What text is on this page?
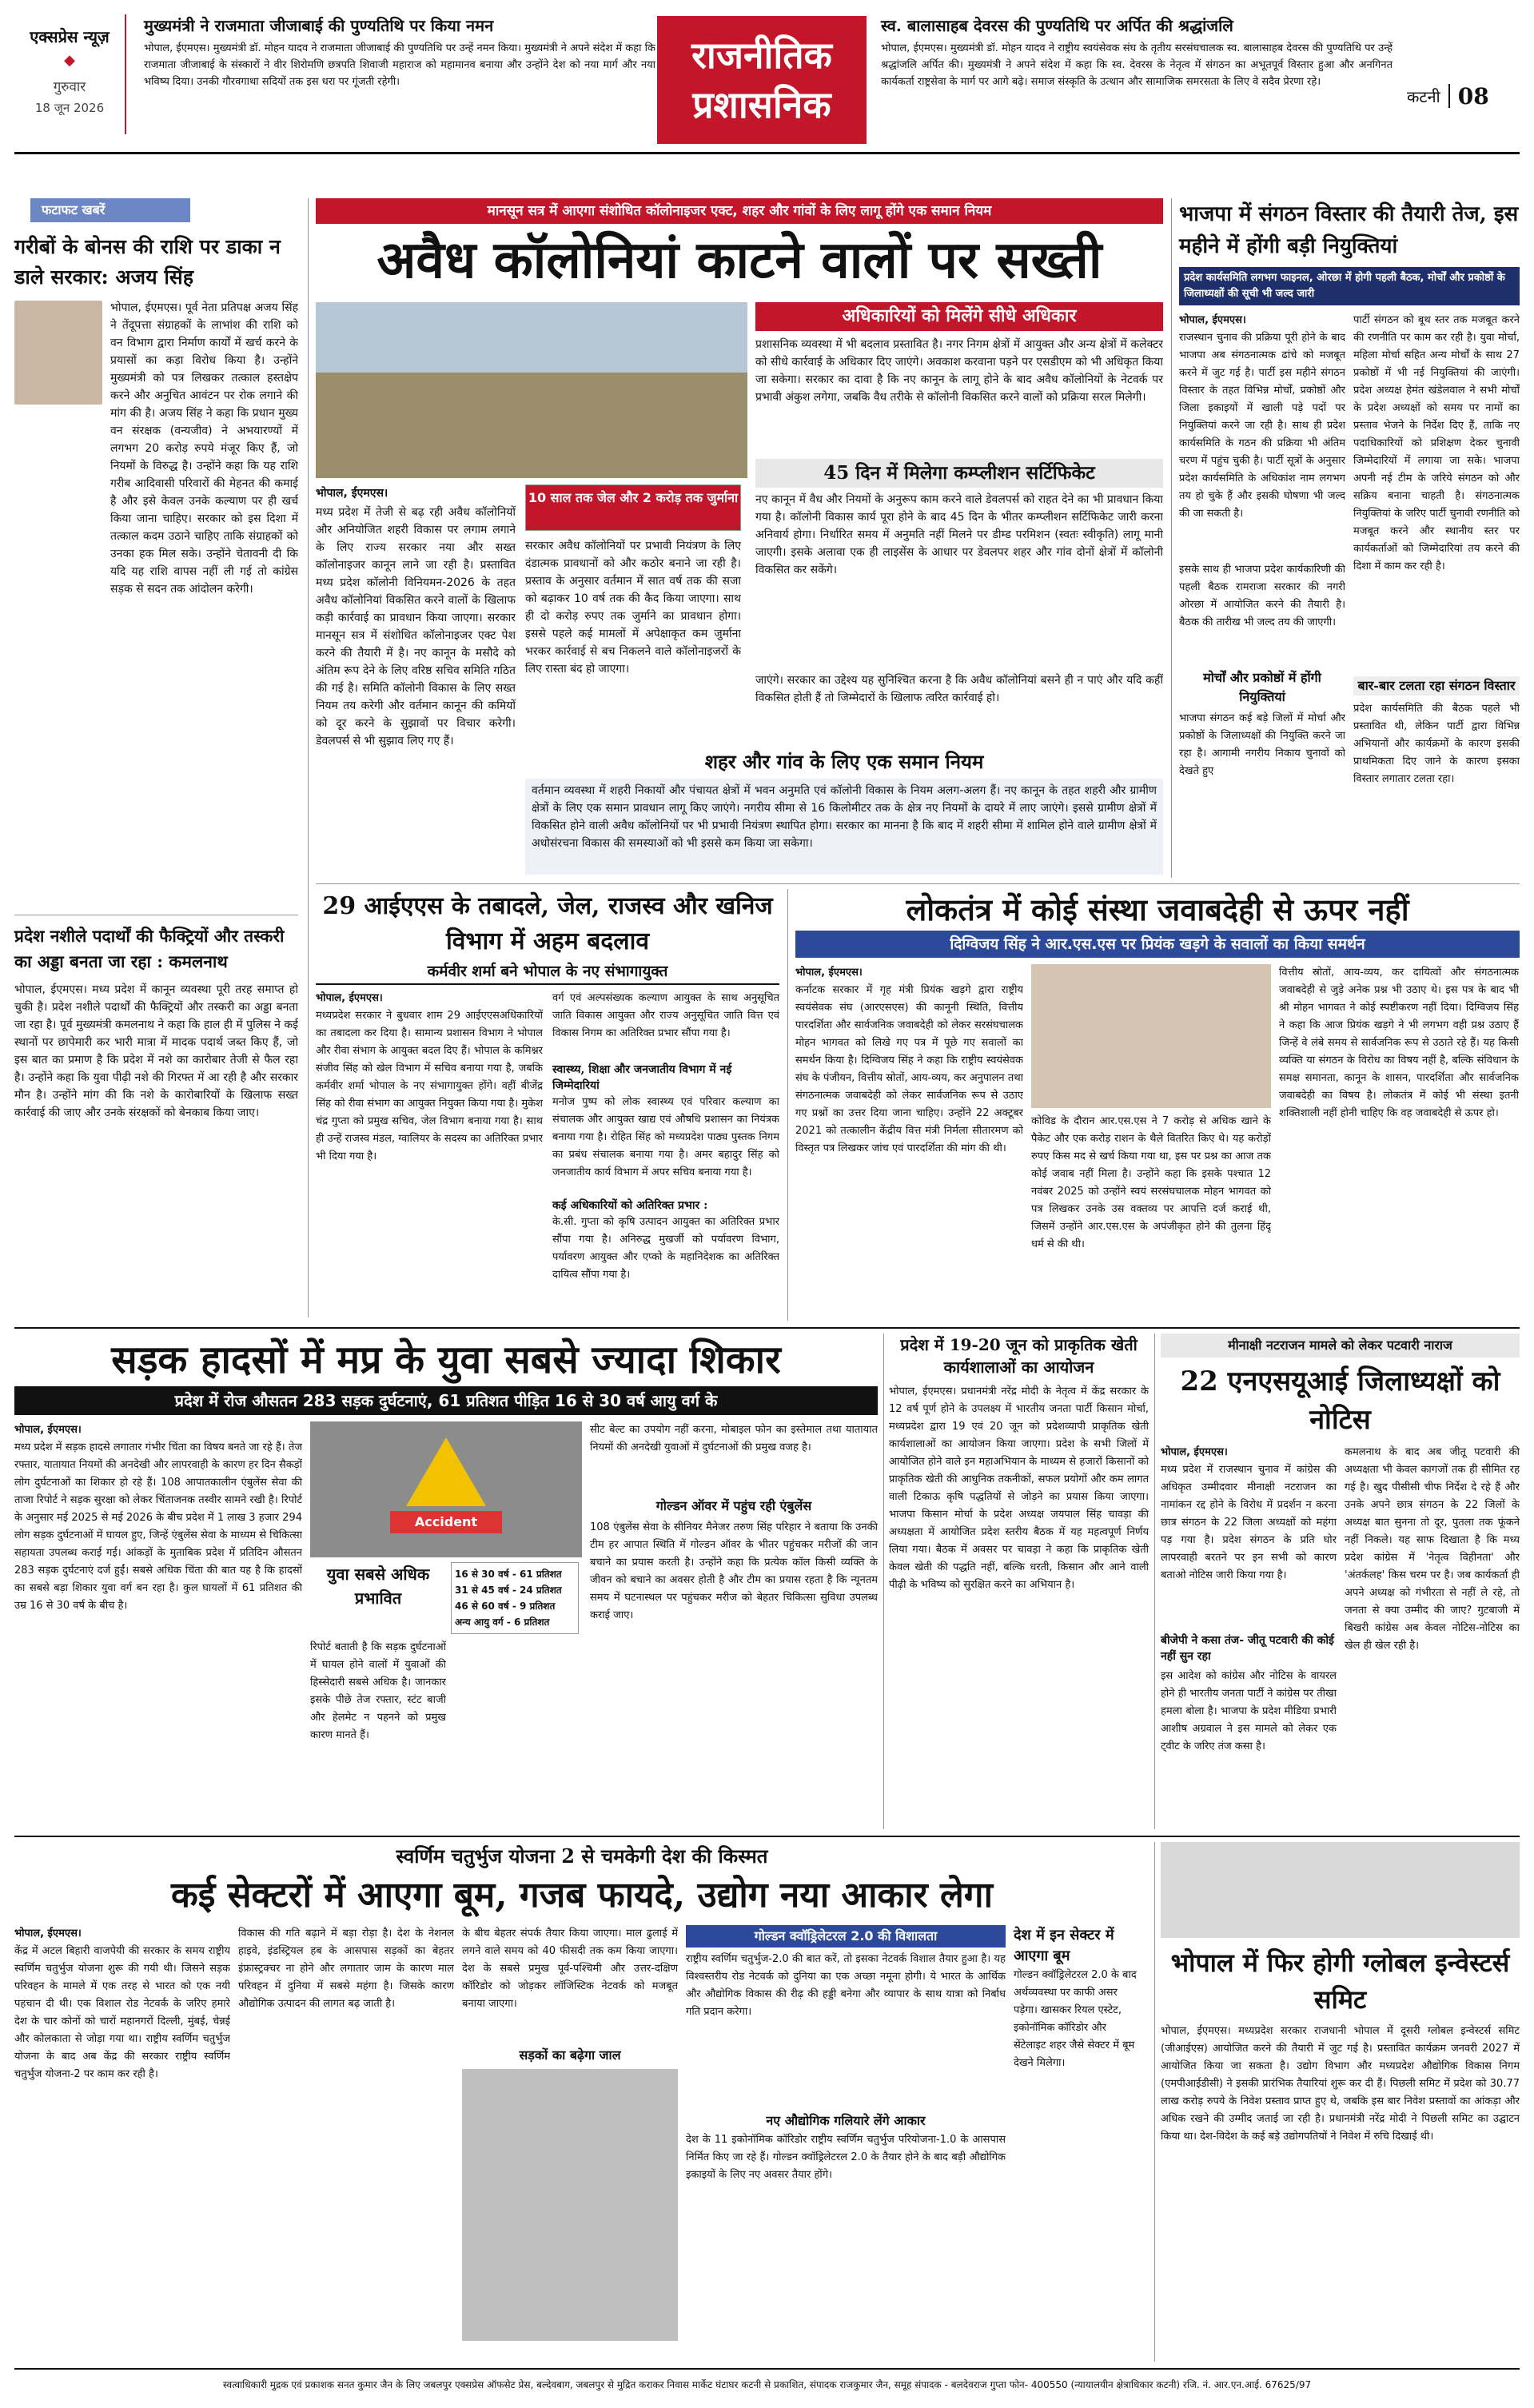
एक्सप्रेस न्यूज़
◆
गुरुवार
18 जून 2026
मुख्यमंत्री ने राजमाता जीजाबाई की पुण्यतिथि पर किया नमन
भोपाल, ईएमएस। मुख्यमंत्री डॉ. मोहन यादव ने राजमाता जीजाबाई की पुण्यतिथि पर उन्हें नमन किया। मुख्यमंत्री ने अपने संदेश में कहा कि राजमाता जीजाबाई के संस्कारों ने वीर शिरोमणि छत्रपति शिवाजी महाराज को महामानव बनाया और उन्होंने देश को नया मार्ग और नया भविष्य दिया। उनकी गौरवगाथा सदियों तक इस धरा पर गूंजती रहेगी।
राजनीतिक
प्रशासनिक
स्व. बालासाहब देवरस की पुण्यतिथि पर अर्पित की श्रद्धांजलि
भोपाल, ईएमएस। मुख्यमंत्री डॉ. मोहन यादव ने राष्ट्रीय स्वयंसेवक संघ के तृतीय सरसंघचालक स्व. बालासाहब देवरस की पुण्यतिथि पर उन्हें श्रद्धांजलि अर्पित की। मुख्यमंत्री ने अपने संदेश में कहा कि स्व. देवरस के नेतृत्व में संगठन का अभूतपूर्व विस्तार हुआ और अनगिनत कार्यकर्ता राष्ट्रसेवा के मार्ग पर आगे बढ़े। समाज संस्कृति के उत्थान और सामाजिक समरसता के लिए वे सदैव प्रेरणा रहे।
कटनी 08
फटाफट खबरें
गरीबों के बोनस की राशि पर डाका न डाले सरकार: अजय सिंह
भोपाल, ईएमएस। पूर्व नेता प्रतिपक्ष अजय सिंह ने तेंदूपत्ता संग्राहकों के लाभांश की राशि को वन विभाग द्वारा निर्माण कार्यों में खर्च करने के प्रयासों का कड़ा विरोध किया है। उन्होंने मुख्यमंत्री को पत्र लिखकर तत्काल हस्तक्षेप करने और अनुचित आवंटन पर रोक लगाने की मांग की है। अजय सिंह ने कहा कि प्रधान मुख्य वन संरक्षक (वन्यजीव) ने अभयारण्यों में लगभग 20 करोड़ रुपये मंजूर किए हैं, जो नियमों के विरुद्ध है। उन्होंने कहा कि यह राशि गरीब आदिवासी परिवारों की मेहनत की कमाई है और इसे केवल उनके कल्याण पर ही खर्च किया जाना चाहिए। सरकार को इस दिशा में तत्काल कदम उठाने चाहिए ताकि संग्राहकों को उनका हक मिल सके। उन्होंने चेतावनी दी कि यदि यह राशि वापस नहीं ली गई तो कांग्रेस सड़क से सदन तक आंदोलन करेगी।
प्रदेश नशीले पदार्थों की फैक्ट्रियों और तस्करी का अड्डा बनता जा रहा : कमलनाथ
भोपाल, ईएमएस। मध्य प्रदेश में कानून व्यवस्था पूरी तरह समाप्त हो चुकी है। प्रदेश नशीले पदार्थों की फैक्ट्रियों और तस्करी का अड्डा बनता जा रहा है। पूर्व मुख्यमंत्री कमलनाथ ने कहा कि हाल ही में पुलिस ने कई स्थानों पर छापेमारी कर भारी मात्रा में मादक पदार्थ जब्त किए हैं, जो इस बात का प्रमाण है कि प्रदेश में नशे का कारोबार तेजी से फैल रहा है। उन्होंने कहा कि युवा पीढ़ी नशे की गिरफ्त में आ रही है और सरकार मौन है। उन्होंने मांग की कि नशे के कारोबारियों के खिलाफ सख्त कार्रवाई की जाए और उनके संरक्षकों को बेनकाब किया जाए।
मानसून सत्र में आएगा संशोधित कॉलोनाइजर एक्ट, शहर और गांवों के लिए लागू होंगे एक समान नियम
अवैध कॉलोनियां काटने वालों पर सख्ती
अधिकारियों को मिलेंगे सीधे अधिकार
प्रशासनिक व्यवस्था में भी बदलाव प्रस्तावित है। नगर निगम क्षेत्रों में आयुक्त और अन्य क्षेत्रों में कलेक्टर को सीधे कार्रवाई के अधिकार दिए जाएंगे। अवकाश करवाना पड़ने पर एसडीएम को भी अधिकृत किया जा सकेगा। सरकार का दावा है कि नए कानून के लागू होने के बाद अवैध कॉलोनियों के नेटवर्क पर प्रभावी अंकुश लगेगा, जबकि वैध तरीके से कॉलोनी विकसित करने वालों को प्रक्रिया सरल मिलेगी।
45 दिन में मिलेगा कम्प्लीशन सर्टिफिकेट
नए कानून में वैध और नियमों के अनुरूप काम करने वाले डेवलपर्स को राहत देने का भी प्रावधान किया गया है। कॉलोनी विकास कार्य पूरा होने के बाद 45 दिन के भीतर कम्प्लीशन सर्टिफिकेट जारी करना अनिवार्य होगा। निर्धारित समय में अनुमति नहीं मिलने पर डीम्ड परमिशन (स्वतः स्वीकृति) लागू मानी जाएगी। इसके अलावा एक ही लाइसेंस के आधार पर डेवलपर शहर और गांव दोनों क्षेत्रों में कॉलोनी विकसित कर सकेंगे।
भोपाल, ईएमएस।
मध्य प्रदेश में तेजी से बढ़ रही अवैध कॉलोनियों और अनियोजित शहरी विकास पर लगाम लगाने के लिए राज्य सरकार नया और सख्त कॉलोनाइजर कानून लाने जा रही है। प्रस्तावित मध्य प्रदेश कॉलोनी विनियमन-2026 के तहत अवैध कॉलोनियां विकसित करने वालों के खिलाफ कड़ी कार्रवाई का प्रावधान किया जाएगा। सरकार मानसून सत्र में संशोधित कॉलोनाइजर एक्ट पेश करने की तैयारी में है। नए कानून के मसौदे को अंतिम रूप देने के लिए वरिष्ठ सचिव समिति गठित की गई है। समिति कॉलोनी विकास के लिए सख्त नियम तय करेगी और वर्तमान कानून की कमियों को दूर करने के सुझावों पर विचार करेगी। डेवलपर्स से भी सुझाव लिए गए हैं।
10 साल तक जेल और 2 करोड़ तक जुर्माना
सरकार अवैध कॉलोनियों पर प्रभावी नियंत्रण के लिए दंडात्मक प्रावधानों को और कठोर बनाने जा रही है। प्रस्ताव के अनुसार वर्तमान में सात वर्ष तक की सजा को बढ़ाकर 10 वर्ष तक की कैद किया जाएगा। साथ ही दो करोड़ रुपए तक जुर्माने का प्रावधान होगा। इससे पहले कई मामलों में अपेक्षाकृत कम जुर्माना भरकर कार्रवाई से बच निकलने वाले कॉलोनाइजरों के लिए रास्ता बंद हो जाएगा।
जाएंगे। सरकार का उद्देश्य यह सुनिश्चित करना है कि अवैध कॉलोनियां बसने ही न पाएं और यदि कहीं विकसित होती हैं तो जिम्मेदारों के खिलाफ त्वरित कार्रवाई हो।
शहर और गांव के लिए एक समान नियम
वर्तमान व्यवस्था में शहरी निकायों और पंचायत क्षेत्रों में भवन अनुमति एवं कॉलोनी विकास के नियम अलग-अलग हैं। नए कानून के तहत शहरी और ग्रामीण क्षेत्रों के लिए एक समान प्रावधान लागू किए जाएंगे। नगरीय सीमा से 16 किलोमीटर तक के क्षेत्र नए नियमों के दायरे में लाए जाएंगे। इससे ग्रामीण क्षेत्रों में विकसित होने वाली अवैध कॉलोनियों पर भी प्रभावी नियंत्रण स्थापित होगा। सरकार का मानना है कि बाद में शहरी सीमा में शामिल होने वाले ग्रामीण क्षेत्रों में अधोसंरचना विकास की समस्याओं को भी इससे कम किया जा सकेगा।
भाजपा में संगठन विस्तार की तैयारी तेज, इस महीने में होंगी बड़ी नियुक्तियां
प्रदेश कार्यसमिति लगभग फाइनल, ओरछा में होगी पहली बैठक, मोर्चों और प्रकोष्ठों के जिलाध्यक्षों की सूची भी जल्द जारी
भोपाल, ईएमएस।
राजस्थान चुनाव की प्रक्रिया पूरी होने के बाद भाजपा अब संगठनात्मक ढांचे को मजबूत करने में जुट गई है। पार्टी इस महीने संगठन विस्तार के तहत विभिन्न मोर्चों, प्रकोष्ठों और जिला इकाइयों में खाली पड़े पदों पर नियुक्तियां करने जा रही है। साथ ही प्रदेश कार्यसमिति के गठन की प्रक्रिया भी अंतिम चरण में पहुंच चुकी है। पार्टी सूत्रों के अनुसार प्रदेश कार्यसमिति के अधिकांश नाम लगभग तय हो चुके हैं और इसकी घोषणा भी जल्द की जा सकती है।
इसके साथ ही भाजपा प्रदेश कार्यकारिणी की पहली बैठक रामराजा सरकार की नगरी ओरछा में आयोजित करने की तैयारी है। बैठक की तारीख भी जल्द तय की जाएगी।
मोर्चों और प्रकोष्ठों में होंगी नियुक्तियां
भाजपा संगठन कई बड़े जिलों में मोर्चा और प्रकोष्ठों के जिलाध्यक्षों की नियुक्ति करने जा रहा है। आगामी नगरीय निकाय चुनावों को देखते हुए
पार्टी संगठन को बूथ स्तर तक मजबूत करने की रणनीति पर काम कर रही है। युवा मोर्चा, महिला मोर्चा सहित अन्य मोर्चों के साथ 27 प्रकोष्ठों में भी नई नियुक्तियां की जाएंगी। प्रदेश अध्यक्ष हेमंत खंडेलवाल ने सभी मोर्चों के प्रदेश अध्यक्षों को समय पर नामों का प्रस्ताव भेजने के निर्देश दिए हैं, ताकि नए पदाधिकारियों को प्रशिक्षण देकर चुनावी जिम्मेदारियों में लगाया जा सके। भाजपा अपनी नई टीम के जरिये संगठन को और सक्रिय बनाना चाहती है। संगठनात्मक नियुक्तियां के जरिए पार्टी चुनावी रणनीति को मजबूत करने और स्थानीय स्तर पर कार्यकर्ताओं को जिम्मेदारियां तय करने की दिशा में काम कर रही है।
बार-बार टलता रहा संगठन विस्तार
प्रदेश कार्यसमिति की बैठक पहले भी प्रस्तावित थी, लेकिन पार्टी द्वारा विभिन्न अभियानों और कार्यक्रमों के कारण इसकी प्राथमिकता दिए जाने के कारण इसका विस्तार लगातार टलता रहा।
29 आईएएस के तबादले, जेल, राजस्व और खनिज विभाग में अहम बदलाव
कर्मवीर शर्मा बने भोपाल के नए संभागायुक्त
भोपाल, ईएमएस।
मध्यप्रदेश सरकार ने बुधवार शाम 29 आईएएसअधिकारियों का तबादला कर दिया है। सामान्य प्रशासन विभाग ने भोपाल और रीवा संभाग के आयुक्त बदल दिए हैं। भोपाल के कमिश्नर संजीव सिंह को खेल विभाग में सचिव बनाया गया है, जबकि कर्मवीर शर्मा भोपाल के नए संभागायुक्त होंगे। वहीं बीजेंद्र सिंह को रीवा संभाग का आयुक्त नियुक्त किया गया है। मुकेश चंद्र गुप्ता को प्रमुख सचिव, जेल विभाग बनाया गया है। साथ ही उन्हें राजस्व मंडल, ग्वालियर के सदस्य का अतिरिक्त प्रभार भी दिया गया है।
वर्ग एवं अल्पसंख्यक कल्याण आयुक्त के साथ अनुसूचित जाति विकास आयुक्त और राज्य अनुसूचित जाति वित्त एवं विकास निगम का अतिरिक्त प्रभार सौंपा गया है।
स्वास्थ्य, शिक्षा और जनजातीय विभाग में नई जिम्मेदारियां
मनोज पुष्प को लोक स्वास्थ्य एवं परिवार कल्याण का संचालक और आयुक्त खाद्य एवं औषधि प्रशासन का नियंत्रक बनाया गया है। रोहित सिंह को मध्यप्रदेश पाठ्य पुस्तक निगम का प्रबंध संचालक बनाया गया है। अमर बहादुर सिंह को जनजातीय कार्य विभाग में अपर सचिव बनाया गया है।
कई अधिकारियों को अतिरिक्त प्रभार :
के.सी. गुप्ता को कृषि उत्पादन आयुक्त का अतिरिक्त प्रभार सौंपा गया है। अनिरुद्ध मुखर्जी को पर्यावरण विभाग, पर्यावरण आयुक्त और एप्को के महानिदेशक का अतिरिक्त दायित्व सौंपा गया है।
लोकतंत्र में कोई संस्था जवाबदेही से ऊपर नहीं
दिग्विजय सिंह ने आर.एस.एस पर प्रियंक खड़गे के सवालों का किया समर्थन
भोपाल, ईएमएस।
कर्नाटक सरकार में गृह मंत्री प्रियंक खड़गे द्वारा राष्ट्रीय स्वयंसेवक संघ (आरएसएस) की कानूनी स्थिति, वित्तीय पारदर्शिता और सार्वजनिक जवाबदेही को लेकर सरसंघचालक मोहन भागवत को लिखे गए पत्र में पूछे गए सवालों का समर्थन किया है। दिग्विजय सिंह ने कहा कि राष्ट्रीय स्वयंसेवक संघ के पंजीयन, वित्तीय स्रोतों, आय-व्यय, कर अनुपालन तथा संगठनात्मक जवाबदेही को लेकर सार्वजनिक रूप से उठाए गए प्रश्नों का उत्तर दिया जाना चाहिए। उन्होंने 22 अक्टूबर 2021 को तत्कालीन केंद्रीय वित्त मंत्री निर्मला सीतारमण को विस्तृत पत्र लिखकर जांच एवं पारदर्शिता की मांग की थी।
कोविड के दौरान आर.एस.एस ने 7 करोड़ से अधिक खाने के पैकेट और एक करोड़ राशन के थैले वितरित किए थे। यह करोड़ों रुपए किस मद से खर्च किया गया था, इस पर प्रश्न का आज तक कोई जवाब नहीं मिला है। उन्होंने कहा कि इसके पश्चात 12 नवंबर 2025 को उन्होंने स्वयं सरसंघचालक मोहन भागवत को पत्र लिखकर उनके उस वक्तव्य पर आपत्ति दर्ज कराई थी, जिसमें उन्होंने आर.एस.एस के अपंजीकृत होने की तुलना हिंदू धर्म से की थी।
वित्तीय स्रोतों, आय-व्यय, कर दायित्वों और संगठनात्मक जवाबदेही से जुड़े अनेक प्रश्न भी उठाए थे। इस पत्र के बाद भी श्री मोहन भागवत ने कोई स्पष्टीकरण नहीं दिया। दिग्विजय सिंह ने कहा कि आज प्रियंक खड़गे ने भी लगभग वही प्रश्न उठाए हैं जिन्हें वे लंबे समय से सार्वजनिक रूप से उठाते रहे हैं। यह किसी व्यक्ति या संगठन के विरोध का विषय नहीं है, बल्कि संविधान के समक्ष समानता, कानून के शासन, पारदर्शिता और सार्वजनिक जवाबदेही का विषय है। लोकतंत्र में कोई भी संस्था इतनी शक्तिशाली नहीं होनी चाहिए कि वह जवाबदेही से ऊपर हो।
सड़क हादसों में मप्र के युवा सबसे ज्यादा शिकार
प्रदेश में रोज औसतन 283 सड़क दुर्घटनाएं, 61 प्रतिशत पीड़ित 16 से 30 वर्ष आयु वर्ग के
भोपाल, ईएमएस।
मध्य प्रदेश में सड़क हादसे लगातार गंभीर चिंता का विषय बनते जा रहे हैं। तेज रफ्तार, यातायात नियमों की अनदेखी और लापरवाही के कारण हर दिन सैकड़ों लोग दुर्घटनाओं का शिकार हो रहे हैं। 108 आपातकालीन एंबुलेंस सेवा की ताजा रिपोर्ट ने सड़क सुरक्षा को लेकर चिंताजनक तस्वीर सामने रखी है। रिपोर्ट के अनुसार मई 2025 से मई 2026 के बीच प्रदेश में 1 लाख 3 हजार 294 लोग सड़क दुर्घटनाओं में घायल हुए, जिन्हें एंबुलेंस सेवा के माध्यम से चिकित्सा सहायता उपलब्ध कराई गई। आंकड़ों के मुताबिक प्रदेश में प्रतिदिन औसतन 283 सड़क दुर्घटनाएं दर्ज हुईं। सबसे अधिक चिंता की बात यह है कि हादसों का सबसे बड़ा शिकार युवा वर्ग बन रहा है। कुल घायलों में 61 प्रतिशत की उम्र 16 से 30 वर्ष के बीच है।
Accident
युवा सबसे अधिक प्रभावित
16 से 30 वर्ष - 61 प्रतिशत
31 से 45 वर्ष - 24 प्रतिशत
46 से 60 वर्ष - 9 प्रतिशत
अन्य आयु वर्ग - 6 प्रतिशत
रिपोर्ट बताती है कि सड़क दुर्घटनाओं में घायल होने वालों में युवाओं की हिस्सेदारी सबसे अधिक है। जानकार इसके पीछे तेज रफ्तार, स्टंट बाजी और हेलमेट न पहनने को प्रमुख कारण मानते हैं।
सीट बेल्ट का उपयोग नहीं करना, मोबाइल फोन का इस्तेमाल तथा यातायात नियमों की अनदेखी युवाओं में दुर्घटनाओं की प्रमुख वजह है।
गोल्डन ऑवर में पहुंच रही एंबुलेंस
108 एंबुलेंस सेवा के सीनियर मैनेजर तरुण सिंह परिहार ने बताया कि उनकी टीम हर आपात स्थिति में गोल्डन ऑवर के भीतर पहुंचकर मरीजों की जान बचाने का प्रयास करती है। उन्होंने कहा कि प्रत्येक कॉल किसी व्यक्ति के जीवन को बचाने का अवसर होती है और टीम का प्रयास रहता है कि न्यूनतम समय में घटनास्थल पर पहुंचकर मरीज को बेहतर चिकित्सा सुविधा उपलब्ध कराई जाए।
प्रदेश में 19-20 जून को प्राकृतिक खेती कार्यशालाओं का आयोजन
भोपाल, ईएमएस। प्रधानमंत्री नरेंद्र मोदी के नेतृत्व में केंद्र सरकार के 12 वर्ष पूर्ण होने के उपलक्ष्य में भारतीय जनता पार्टी किसान मोर्चा, मध्यप्रदेश द्वारा 19 एवं 20 जून को प्रदेशव्यापी प्राकृतिक खेती कार्यशालाओं का आयोजन किया जाएगा। प्रदेश के सभी जिलों में आयोजित होने वाले इन महाअभियान के माध्यम से हजारों किसानों को प्राकृतिक खेती की आधुनिक तकनीकों, सफल प्रयोगों और कम लागत वाली टिकाऊ कृषि पद्धतियों से जोड़ने का प्रयास किया जाएगा। भाजपा किसान मोर्चा के प्रदेश अध्यक्ष जयपाल सिंह चावड़ा की अध्यक्षता में आयोजित प्रदेश स्तरीय बैठक में यह महत्वपूर्ण निर्णय लिया गया। बैठक में अवसर पर चावड़ा ने कहा कि प्राकृतिक खेती केवल खेती की पद्धति नहीं, बल्कि धरती, किसान और आने वाली पीढ़ी के भविष्य को सुरक्षित करने का अभियान है।
मीनाक्षी नटराजन मामले को लेकर पटवारी नाराज
22 एनएसयूआई जिलाध्यक्षों को नोटिस
भोपाल, ईएमएस।
मध्य प्रदेश में राजस्थान चुनाव में कांग्रेस की अधिकृत उम्मीदवार मीनाक्षी नटराजन का नामांकन रद्द होने के विरोध में प्रदर्शन न करना छात्र संगठन के 22 जिला अध्यक्षों को महंगा पड़ गया है। प्रदेश संगठन के प्रति घोर लापरवाही बरतने पर इन सभी को कारण बताओ नोटिस जारी किया गया है।
बीजेपी ने कसा तंज- जीतू पटवारी की कोई नहीं सुन रहा
इस आदेश को कांग्रेस और नोटिस के वायरल होने ही भारतीय जनता पार्टी ने कांग्रेस पर तीखा हमला बोला है। भाजपा के प्रदेश मीडिया प्रभारी आशीष अग्रवाल ने इस मामले को लेकर एक ट्वीट के जरिए तंज कसा है।
कमलनाथ के बाद अब जीतू पटवारी की अध्यक्षता भी केवल कागजों तक ही सीमित रह गई है। खुद पीसीसी चीफ निर्देश दे रहे हैं और उनके अपने छात्र संगठन के 22 जिलों के अध्यक्ष बात सुनना तो दूर, पुतला तक फूंकने नहीं निकले। यह साफ दिखाता है कि मध्य प्रदेश कांग्रेस में 'नेतृत्व विहीनता' और 'अंतर्कलह' किस चरम पर है। जब कार्यकर्ता ही अपने अध्यक्ष को गंभीरता से नहीं ले रहे, तो जनता से क्या उम्मीद की जाए? गुटबाजी में बिखरी कांग्रेस अब केवल नोटिस-नोटिस का खेल ही खेल रही है।
स्वर्णिम चतुर्भुज योजना 2 से चमकेगी देश की किस्मत
कई सेक्टरों में आएगा बूम, गजब फायदे, उद्योग नया आकार लेगा
भोपाल, ईएमएस।
केंद्र में अटल बिहारी वाजपेयी की सरकार के समय राष्ट्रीय स्वर्णिम चतुर्भुज योजना शुरू की गयी थी। जिसने सड़क परिवहन के मामले में एक तरह से भारत को एक नयी पहचान दी थी। एक विशाल रोड नेटवर्क के जरिए हमारे देश के चार कोनों को चारों महानगरों दिल्ली, मुंबई, चेन्नई और कोलकाता से जोड़ा गया था। राष्ट्रीय स्वर्णिम चतुर्भुज योजना के बाद अब केंद्र की सरकार राष्ट्रीय स्वर्णिम चतुर्भुज योजना-2 पर काम कर रही है।
विकास की गति बढ़ाने में बड़ा रोड़ा है। देश के नेशनल हाइवे, इंडस्ट्रियल हब के आसपास सड़कों का बेहतर इंफ्रास्ट्रक्चर ना होने और लगातार जाम के कारण माल परिवहन में दुनिया में सबसे महंगा है। जिसके कारण औद्योगिक उत्पादन की लागत बढ़ जाती है।
के बीच बेहतर संपर्क तैयार किया जाएगा। माल ढुलाई में लगने वाले समय को 40 फीसदी तक कम किया जाएगा। देश के सबसे प्रमुख पूर्व-पश्चिमी और उत्तर-दक्षिण कॉरिडोर को जोड़कर लॉजिस्टिक नेटवर्क को मजबूत बनाया जाएगा।
सड़कों का बढ़ेगा जाल
गोल्डन क्वॉड्रिलेटरल 2.0 की विशालता
राष्ट्रीय स्वर्णिम चतुर्भुज-2.0 की बात करें, तो इसका नेटवर्क विशाल तैयार हुआ है। यह विश्वस्तरीय रोड नेटवर्क को दुनिया का एक अच्छा नमूना होगी। ये भारत के आर्थिक और औद्योगिक विकास की रीढ़ की हड्डी बनेगा और व्यापार के साथ यात्रा को निर्बाध गति प्रदान करेगा।
नए औद्योगिक गलियारे लेंगे आकार
देश के 11 इकोनॉमिक कॉरिडोर राष्ट्रीय स्वर्णिम चतुर्भुज परियोजना-1.0 के आसपास निर्मित किए जा रहे हैं। गोल्डन क्वॉड्रिलेटरल 2.0 के तैयार होने के बाद बड़ी औद्योगिक इकाइयों के लिए नए अवसर तैयार होंगे।
देश में इन सेक्टर में आएगा बूम
गोल्डन क्वॉड्रिलेटरल 2.0 के बाद अर्थव्यवस्था पर काफी असर पड़ेगा। खासकर रियल एस्टेट, इकोनॉमिक कॉरिडोर और सेंटेलाइट शहर जैसे सेक्टर में बूम देखने मिलेगा।
भोपाल में फिर होगी ग्लोबल इन्वेस्टर्स समिट
भोपाल, ईएमएस। मध्यप्रदेश सरकार राजधानी भोपाल में दूसरी ग्लोबल इन्वेस्टर्स समिट (जीआईएस) आयोजित करने की तैयारी में जुट गई है। प्रस्तावित कार्यक्रम जनवरी 2027 में आयोजित किया जा सकता है। उद्योग विभाग और मध्यप्रदेश औद्योगिक विकास निगम (एमपीआईडीसी) ने इसकी प्रारंभिक तैयारियां शुरू कर दी हैं। पिछली समिट में प्रदेश को 30.77 लाख करोड़ रुपये के निवेश प्रस्ताव प्राप्त हुए थे, जबकि इस बार निवेश प्रस्तावों का आंकड़ा और अधिक रखने की उम्मीद जताई जा रही है। प्रधानमंत्री नरेंद्र मोदी ने पिछली समिट का उद्घाटन किया था। देश-विदेश के कई बड़े उद्योगपतियों ने निवेश में रुचि दिखाई थी।
स्वत्वाधिकारी मुद्रक एवं प्रकाशक सनत कुमार जैन के लिए जबलपुर एक्सप्रेस ऑफसेट प्रेस, बल्देवबाग, जबलपुर से मुद्रित कराकर निवास मार्केट घंटाघर कटनी से प्रकाशित, संपादक राजकुमार जैन, समूह संपादक - बलदेवराज गुप्ता फोन- 400550 (न्यायालयीन क्षेत्राधिकार कटनी) रजि. नं. आर.एन.आई. 67625/97
